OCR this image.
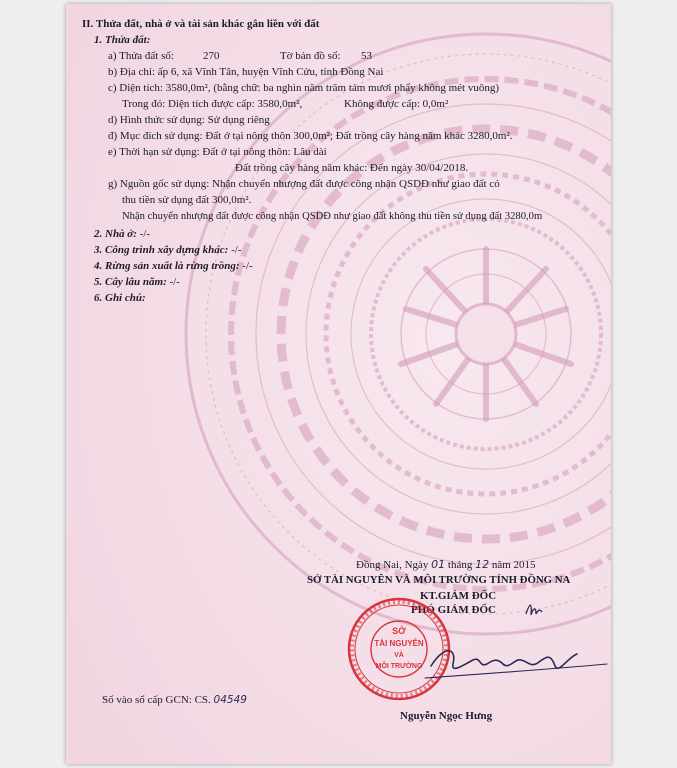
II. Thửa đất, nhà ở và tài sản khác gắn liền với đất
1. Thửa đất:
a) Thửa đất số:	270	Tờ bản đồ số: 53
b) Địa chỉ: ấp 6, xã Vĩnh Tân, huyện Vĩnh Cửu, tỉnh Đồng Nai
c) Diện tích: 3580,0m², (bằng chữ: ba nghìn năm trăm tám mươi phẩy không mét vuông)
Trong đó: Diện tích được cấp: 3580,0m²,	Không được cấp: 0,0m²
d) Hình thức sử dụng: Sử dụng riêng
đ) Mục đích sử dụng: Đất ở tại nông thôn 300,0m²; Đất trồng cây hàng năm khác 3280,0m².
e) Thời hạn sử dụng: Đất ở tại nông thôn: Lâu dài
Đất trồng cây hàng năm khác: Đến ngày 30/04/2018.
g) Nguồn gốc sử dụng: Nhận chuyển nhượng đất được công nhận QSDĐ như giao đất có
thu tiền sử dụng đất 300,0m².
Nhận chuyển nhượng đất được công nhận QSDĐ như giao đất không thu tiền sử dụng đất 3280,0m
2. Nhà ở: -/-
3. Công trình xây dựng khác: -/-
4. Rừng sản xuất là rừng trồng: -/-
5. Cây lâu năm: -/-
6. Ghi chú:
Đồng Nai, Ngày 01 tháng 12 năm 2015
SỞ TÀI NGUYÊN VÀ MÔI TRƯỜNG TỈNH ĐỒNG NA
KT.GIÁM ĐỐC
PHÓ GIÁM ĐỐC
SỞ
TÀI NGUYÊN
VÀ
MÔI TRƯỜNG
Số vào sổ cấp GCN: CS. 04549
Nguyễn Ngọc Hưng
